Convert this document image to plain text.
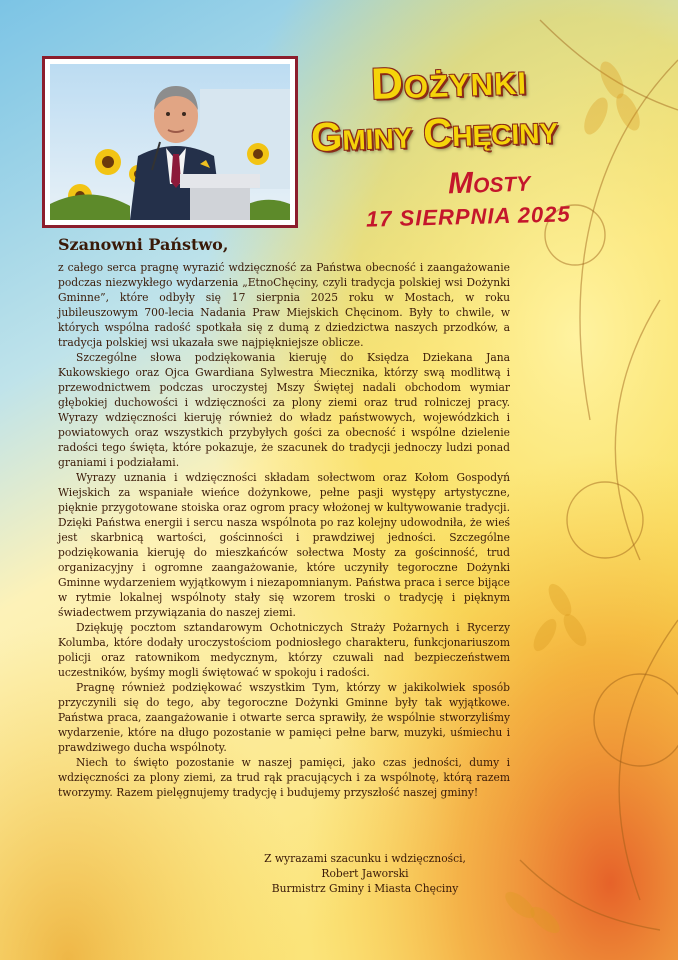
Dożynki
Gminy Chęciny
Mosty
17 SIERPNIA 2025
Szanowni Państwo,

z całego serca pragnę wyrazić wdzięczność za Państwa obecność i zaangażowanie podczas niezwykłego wydarzenia „EtnoChęciny, czyli tradycja polskiej wsi Dożynki Gminne”, które odbyły się 17 sierpnia 2025 roku w Mostach, w roku jubileuszowym 700-lecia Nadania Praw Miejskich Chęcinom. Były to chwile, w których wspólna radość spotkała się z dumą z dziedzictwa naszych przodków, a tradycja polskiej wsi ukazała swe najpiękniejsze oblicze.

Szczególne słowa podziękowania kieruję do Księdza Dziekana Jana Kukowskiego oraz Ojca Gwardiana Sylwestra Miecznika, którzy swą modlitwą i przewodnictwem podczas uroczystej Mszy Świętej nadali obchodom wymiar głębokiej duchowości i wdzięczności za plony ziemi oraz trud rolniczej pracy. Wyrazy wdzięczności kieruję również do władz państwowych, wojewódzkich i powiatowych oraz wszystkich przybyłych gości za obecność i wspólne dzielenie radości tego święta, które pokazuje, że szacunek do tradycji jednoczy ludzi ponad graniami i podziałami.

Wyrazy uznania i wdzięczności składam sołectwom oraz Kołom Gospodyń Wiejskich za wspaniałe wieńce dożynkowe, pełne pasji występy artystyczne, pięknie przygotowane stoiska oraz ogrom pracy włożonej w kultywowanie tradycji. Dzięki Państwa energii i sercu nasza wspólnota po raz kolejny udowodniła, że wieś jest skarbnicą wartości, gościnności i prawdziwej jedności. Szczególne podziękowania kieruję do mieszkańców sołectwa Mosty za gościnność, trud organizacyjny i ogromne zaangażowanie, które uczyniły tegoroczne Dożynki Gminne wydarzeniem wyjątkowym i niezapomnianym. Państwa praca i serce bijące w rytmie lokalnej wspólnoty stały się wzorem troski o tradycję i pięknym świadectwem przywiązania do naszej ziemi.

Dziękuję pocztom sztandarowym Ochotniczych Straży Pożarnych i Rycerzy Kolumba, które dodały uroczystościom podniosłego charakteru, funkcjonariuszom policji oraz ratownikom medycznym, którzy czuwali nad bezpieczeństwem uczestników, byśmy mogli świętować w spokoju i radości.

Pragnę również podziękować wszystkim Tym, którzy w jakikolwiek sposób przyczynili się do tego, aby tegoroczne Dożynki Gminne były tak wyjątkowe. Państwa praca, zaangażowanie i otwarte serca sprawiły, że wspólnie stworzyliśmy wydarzenie, które na długo pozostanie w pamięci pełne barw, muzyki, uśmiechu i prawdziwego ducha wspólnoty.

Niech to święto pozostanie w naszej pamięci, jako czas jedności, dumy i wdzięczności za plony ziemi, za trud rąk pracujących i za wspólnotę, którą razem tworzymy. Razem pielęgnujemy tradycję i budujemy przyszłość naszej gminy!

Z wyrazami szacunku i wdzięczności,
Robert Jaworski
Burmistrz Gminy i Miasta Chęciny
